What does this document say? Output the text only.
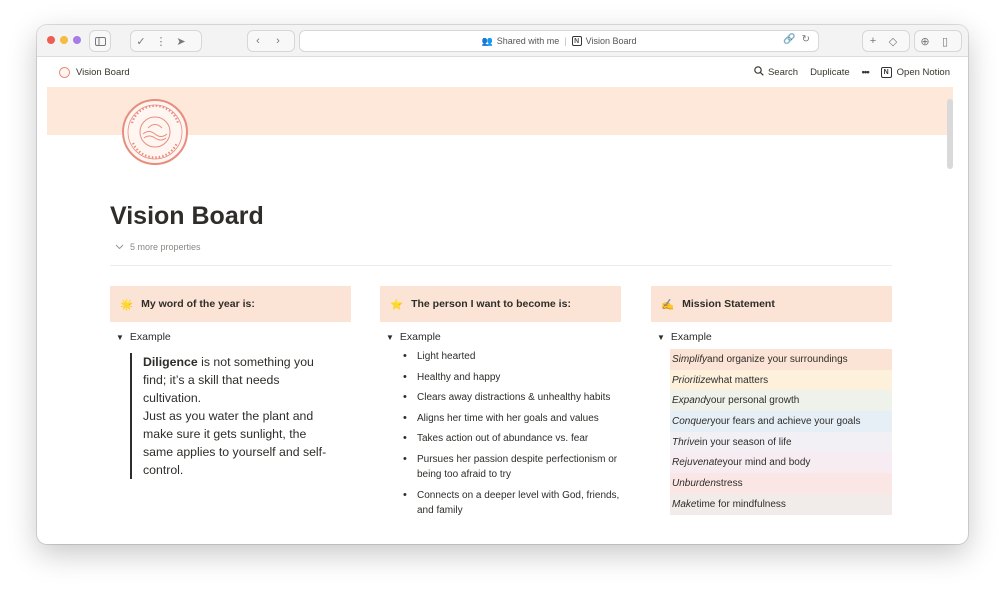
✓ ⋮ ➤	‹	›	👥 Shared with me |	N Vision Board	🔗 ↻	+	◇	⊕	▯
Vision Board	Search Duplicate •••	N Open Notion
Vision Board
5 more properties
🌟 My word of the year is:
▼ Example

Diligence is not something you find; it’s a skill that needs cultivation.

Just as you water the plant and make sure it gets sunlight, the same applies to yourself and self-control.

⭐ The person I want to become is:
▼ Example
• Light hearted
• Healthy and happy
• Clears away distractions & unhealthy habits
• Aligns her time with her goals and values
• Takes action out of abundance vs. fear
• Pursues her passion despite perfectionism or being too afraid to try
• Connects on a deeper level with God, friends, and family
✍️ Mission Statement
▼ Example
Simplify and organize your surroundings
Prioritize what matters
Expand your personal growth
Conquer your fears and achieve your goals
Thrive in your season of life
Rejuvenate your mind and body
Unburden stress
Make time for mindfulness
